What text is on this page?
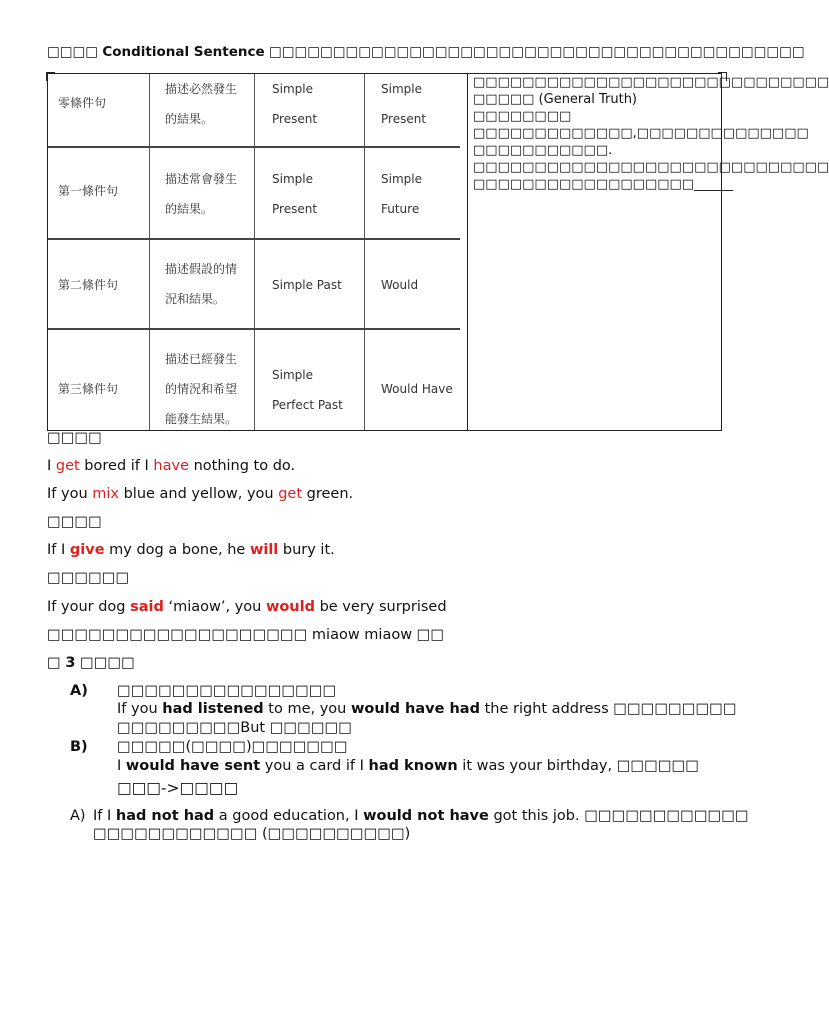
□□□□ Conditional Sentence □□□□□□□□□□□□□□□□□□□□□□□□□□□□□□□□□□□□□□□□□□
零條件句
描述必然發生
的結果。
Simple
Present
Simple
Present
第一條件句
描述常會發生
的結果。
Simple
Present
Simple
Future
第二條件句
描述假設的情
況和結果。
Simple Past	Would
第三條件句
描述已經發生
的情況和希望
能發生結果。
Simple
Perfect Past
Would Have
□□□□□□□□□□□□□□□□□□□□□□□□□□□□□
□□□□□ (General Truth) □□□□□□□□
□□□□□□□□□□□□□,□□□□□□□□□□□□□□
□□□□□□□□□□□.
□□□□□□□□□□□□□□□□□□□□□□□□□□□□□
□□□□□□□□□□□□□□□□□□______
□□□□
I get bored if I have nothing to do.
If you mix blue and yellow, you get green.
□□□□
If I give my dog a bone, he will bury it.
□□□□□□
If your dog said ‘miaow’, you would be very surprised
□□□□□□□□□□□□□□□□□□□ miaow miaow □□
□ 3 □□□□
A) □□□□□□□□□□□□□□□□
If you had listened to me, you would have had the right address □□□□□□□□□
□□□□□□□□□But □□□□□□
B) □□□□□(□□□□)□□□□□□□
I would have sent you a card if I had known it was your birthday, □□□□□□
□□□->□□□□
A) If I had not had a good education, I would not have got this job. □□□□□□□□□□□□
□□□□□□□□□□□□ (□□□□□□□□□□)
